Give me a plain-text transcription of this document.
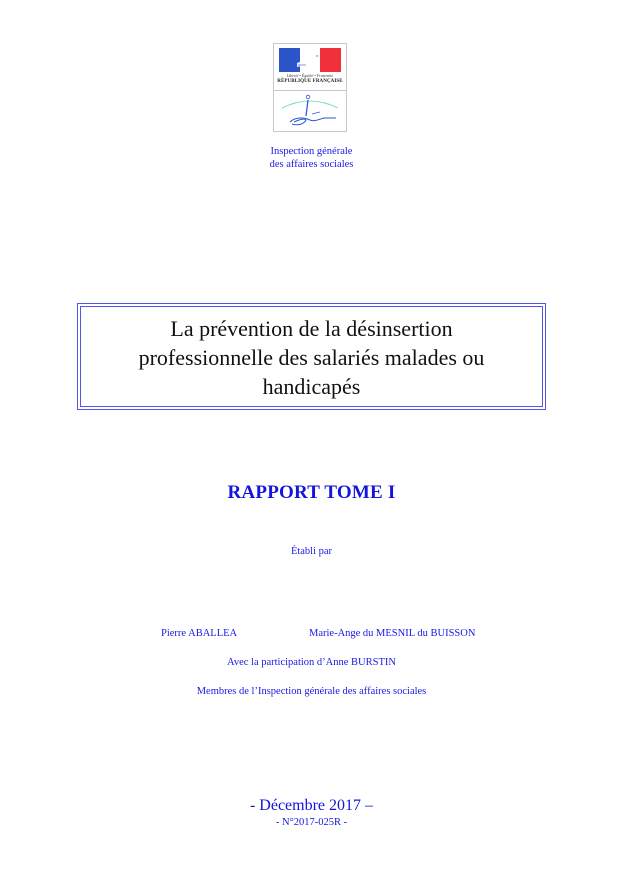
Liberté • Égalité • Fraternité
RÉPUBLIQUE FRANÇAISE
Inspection générale
des affaires sociales
La prévention de la désinsertion
professionnelle des salariés malades ou
handicapés
RAPPORT TOME I
Établi par
Pierre ABALLEA	Marie-Ange du MESNIL du BUISSON
Avec la participation d’Anne BURSTIN
Membres de l’Inspection générale des affaires sociales
- Décembre 2017 –
- N°2017-025R -
